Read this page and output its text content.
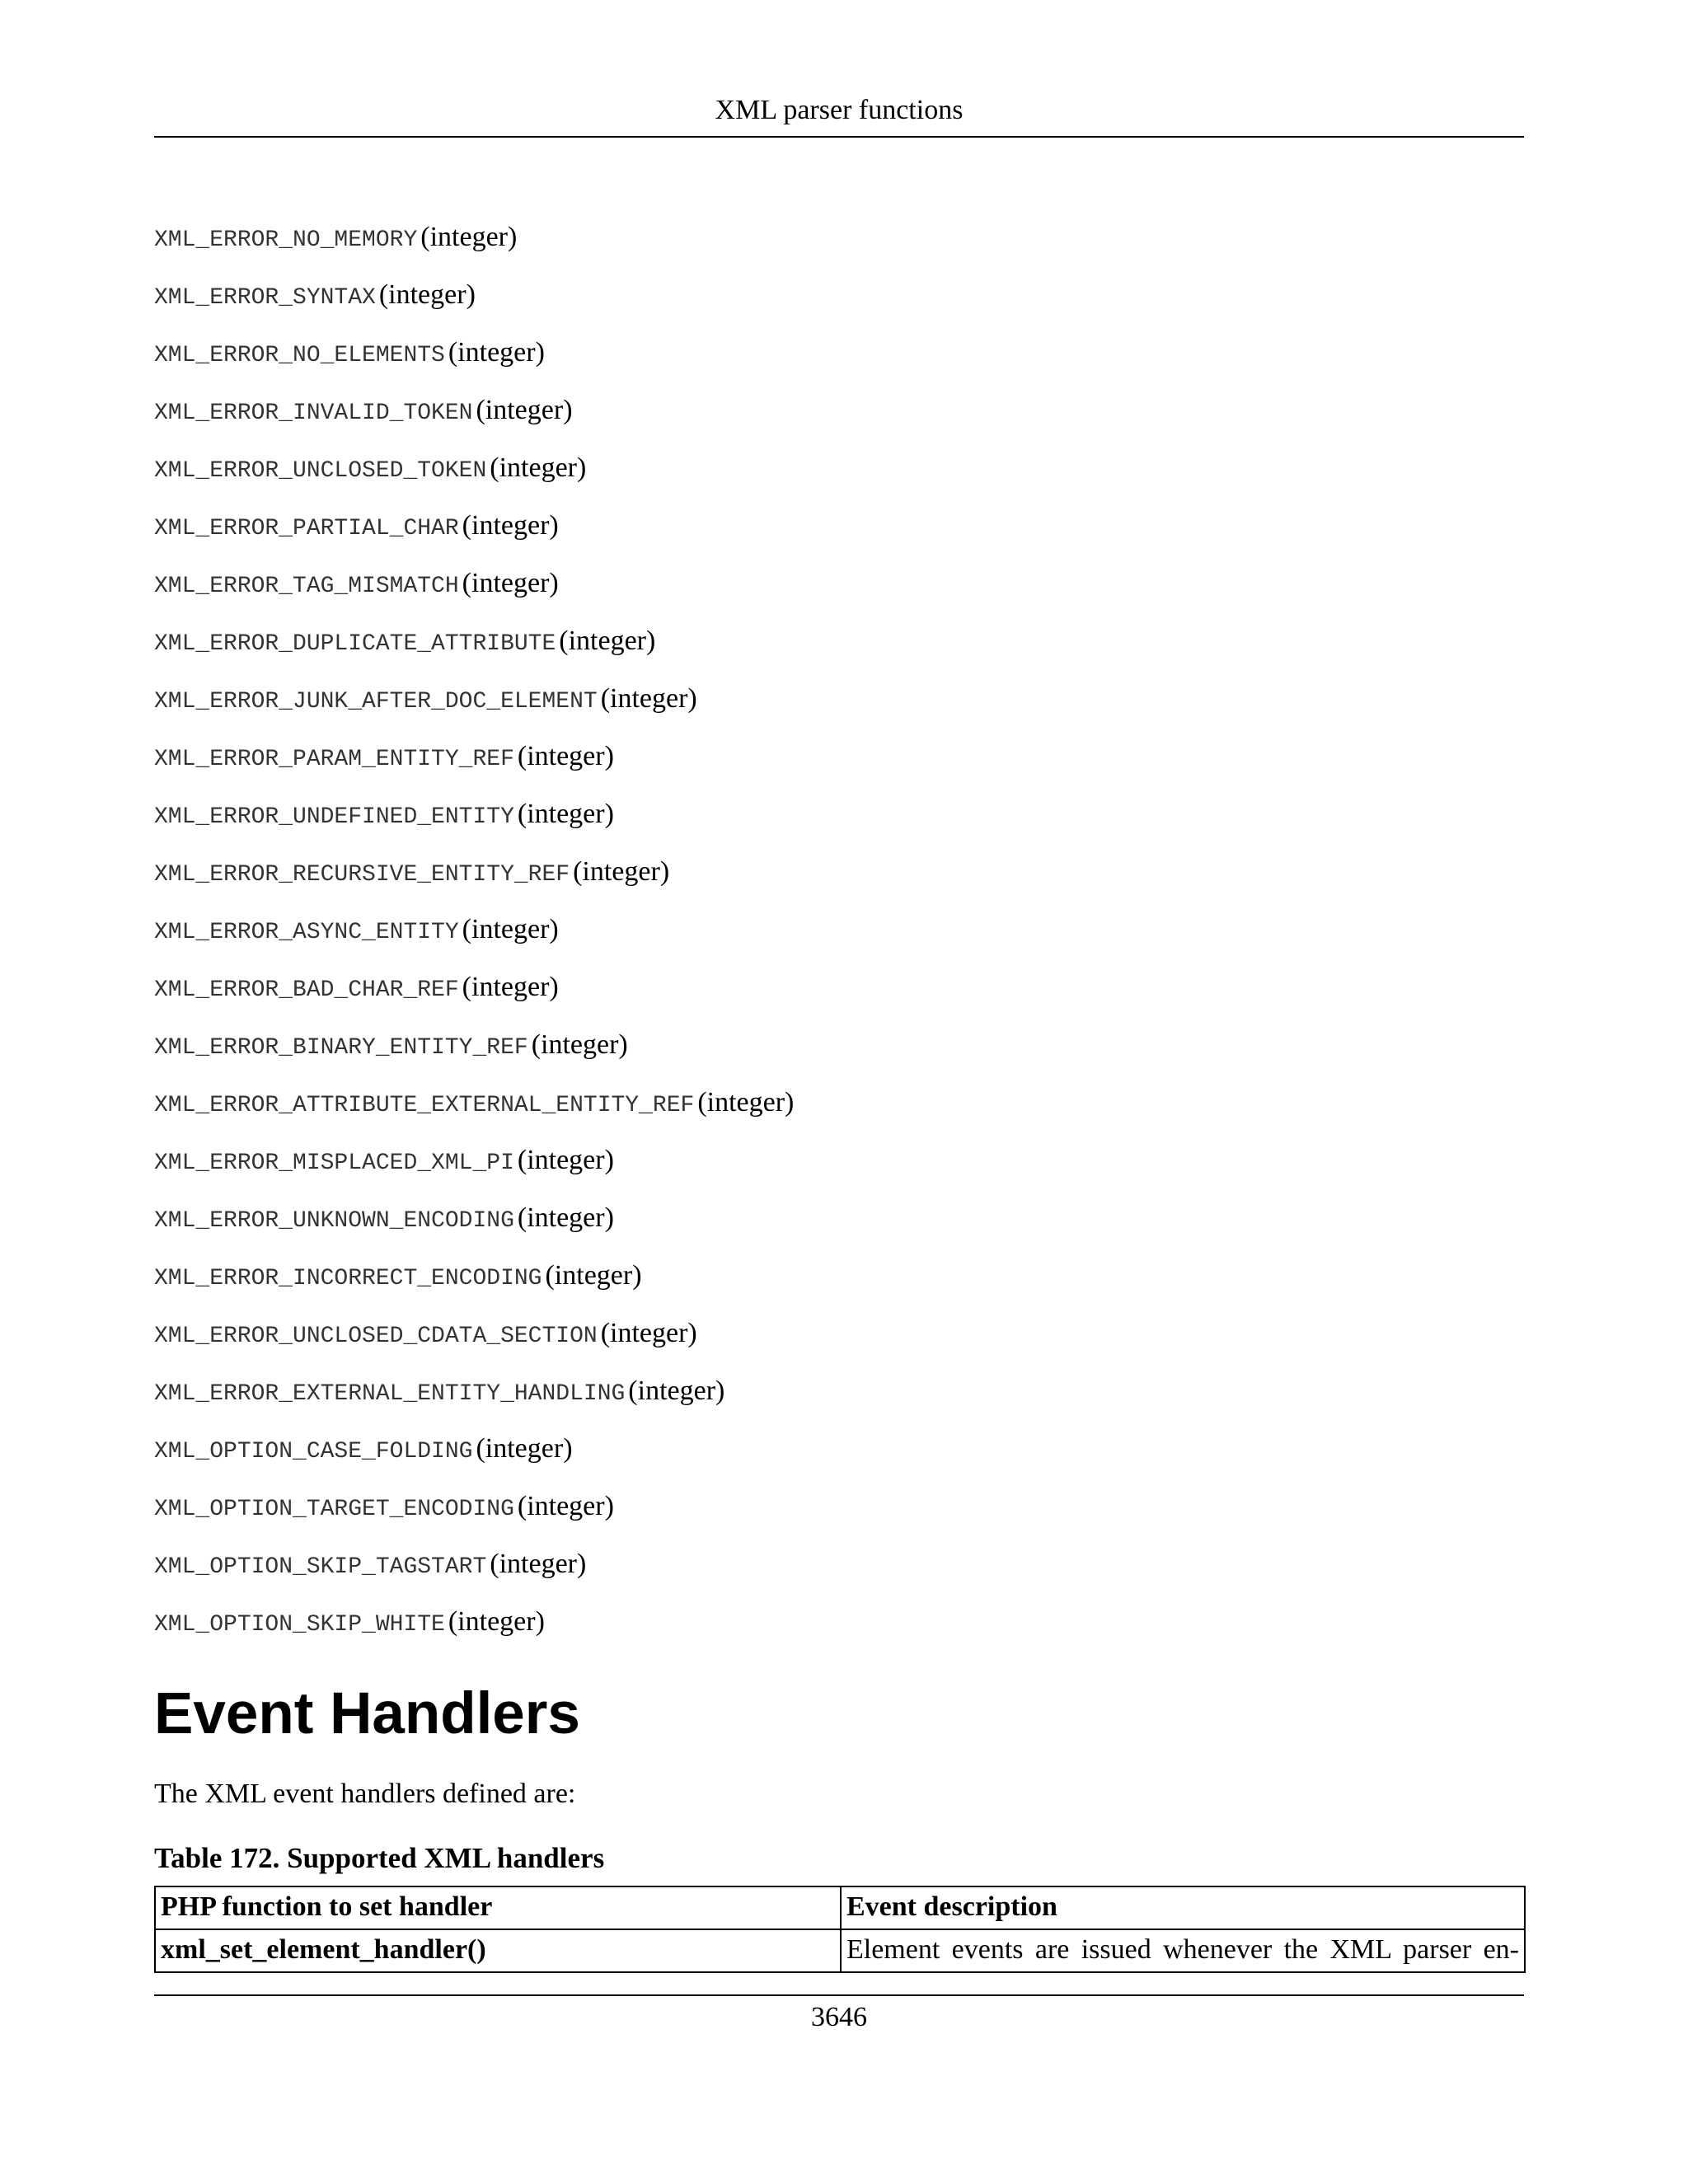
XML parser functions
XML_ERROR_NO_MEMORY (integer)
XML_ERROR_SYNTAX (integer)
XML_ERROR_NO_ELEMENTS (integer)
XML_ERROR_INVALID_TOKEN (integer)
XML_ERROR_UNCLOSED_TOKEN (integer)
XML_ERROR_PARTIAL_CHAR (integer)
XML_ERROR_TAG_MISMATCH (integer)
XML_ERROR_DUPLICATE_ATTRIBUTE (integer)
XML_ERROR_JUNK_AFTER_DOC_ELEMENT (integer)
XML_ERROR_PARAM_ENTITY_REF (integer)
XML_ERROR_UNDEFINED_ENTITY (integer)
XML_ERROR_RECURSIVE_ENTITY_REF (integer)
XML_ERROR_ASYNC_ENTITY (integer)
XML_ERROR_BAD_CHAR_REF (integer)
XML_ERROR_BINARY_ENTITY_REF (integer)
XML_ERROR_ATTRIBUTE_EXTERNAL_ENTITY_REF (integer)
XML_ERROR_MISPLACED_XML_PI (integer)
XML_ERROR_UNKNOWN_ENCODING (integer)
XML_ERROR_INCORRECT_ENCODING (integer)
XML_ERROR_UNCLOSED_CDATA_SECTION (integer)
XML_ERROR_EXTERNAL_ENTITY_HANDLING (integer)
XML_OPTION_CASE_FOLDING (integer)
XML_OPTION_TARGET_ENCODING (integer)
XML_OPTION_SKIP_TAGSTART (integer)
XML_OPTION_SKIP_WHITE (integer)
Event Handlers
The XML event handlers defined are:
Table 172. Supported XML handlers
PHP function to set handler	Event description
xml_set_element_handler()	Element events are issued whenever the XML parser en-
3646
